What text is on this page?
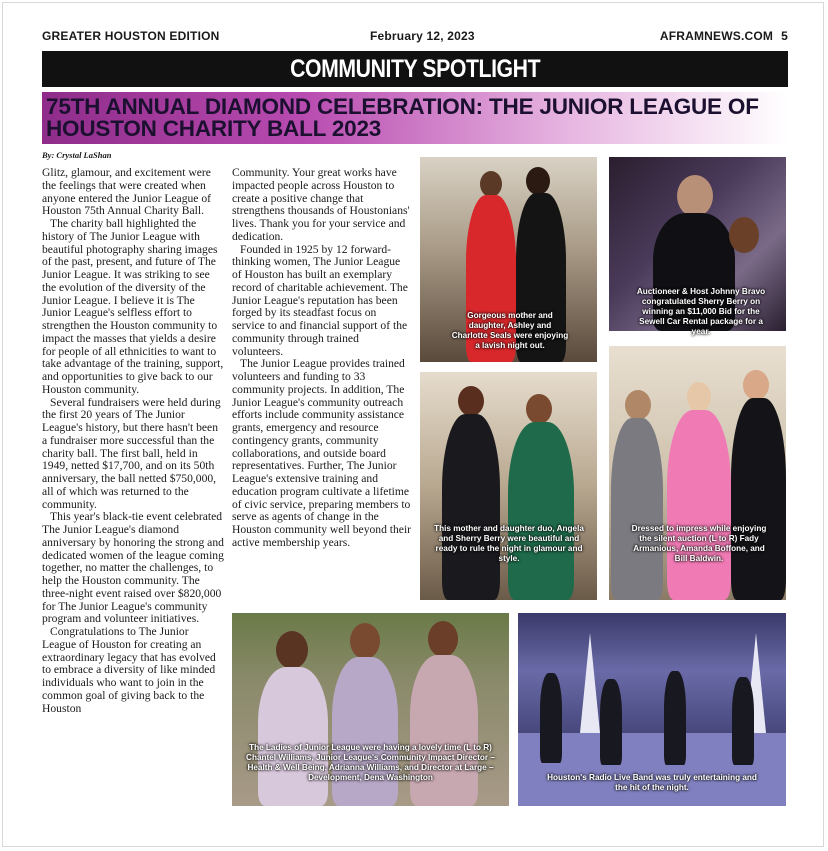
GREATER HOUSTON EDITION	February 12, 2023	AFRAMNEWS.COM 5
COMMUNITY SPOTLIGHT
75TH ANNUAL DIAMOND CELEBRATION: THE JUNIOR LEAGUE OF HOUSTON CHARITY BALL 2023
By: Crystal LaShan

Glitz, glamour, and excitement were the feelings that were created when anyone entered the Junior League of Houston 75th Annual Charity Ball.

The charity ball highlighted the history of The Junior League with beautiful photography sharing images of the past, present, and future of The Junior League. It was striking to see the evolution of the diversity of the Junior League. I believe it is The Junior League's selfless effort to strengthen the Houston community to impact the masses that yields a desire for people of all ethnicities to want to take advantage of the training, support, and opportunities to give back to our Houston community.

Several fundraisers were held during the first 20 years of The Junior League's history, but there hasn't been a fundraiser more successful than the charity ball. The first ball, held in 1949, netted $17,700, and on its 50th anniversary, the ball netted $750,000, all of which was returned to the community.

This year's black-tie event celebrated The Junior League's diamond anniversary by honoring the strong and dedicated women of the league coming together, no matter the challenges, to help the Houston community. The three-night event raised over $820,000 for The Junior League's community program and volunteer initiatives.

Congratulations to The Junior League of Houston for creating an extraordinary legacy that has evolved to embrace a diversity of like minded individuals who want to join in the common goal of giving back to the Houston

Community. Your great works have impacted people across Houston to create a positive change that strengthens thousands of Houstonians' lives. Thank you for your service and dedication.

Founded in 1925 by 12 forward-thinking women, The Junior League of Houston has built an exemplary record of charitable achievement. The Junior League's reputation has been forged by its steadfast focus on service to and financial support of the community through trained volunteers.

The Junior League provides trained volunteers and funding to 33 community projects. In addition, The Junior League's community outreach efforts include community assistance grants, emergency and resource contingency grants, community collaborations, and outside board representatives. Further, The Junior League's extensive training and education program cultivate a lifetime of civic service, preparing members to serve as agents of change in the Houston community well beyond their active membership years.

Gorgeous mother and daughter, Ashley and Charlotte Seals were enjoying a lavish night out.
Auctioneer & Host Johnny Bravo congratulated Sherry Berry on winning an $11,000 Bid for the Sewell Car Rental package for a year.
This mother and daughter duo, Angela and Sherry Berry were beautiful and ready to rule the night in glamour and style.
Dressed to impress while enjoying the silent auction (L to R) Fady Armanious, Amanda Boffone, and Bill Baldwin.
The Ladies of Junior League were having a lovely time (L to R) Chantel Williams, Junior League's Community Impact Director – Health & Well Being, Adrianna Williams, and Director at Large – Development, Dena Washington	Houston's Radio Live Band was truly entertaining and the hit of the night.
